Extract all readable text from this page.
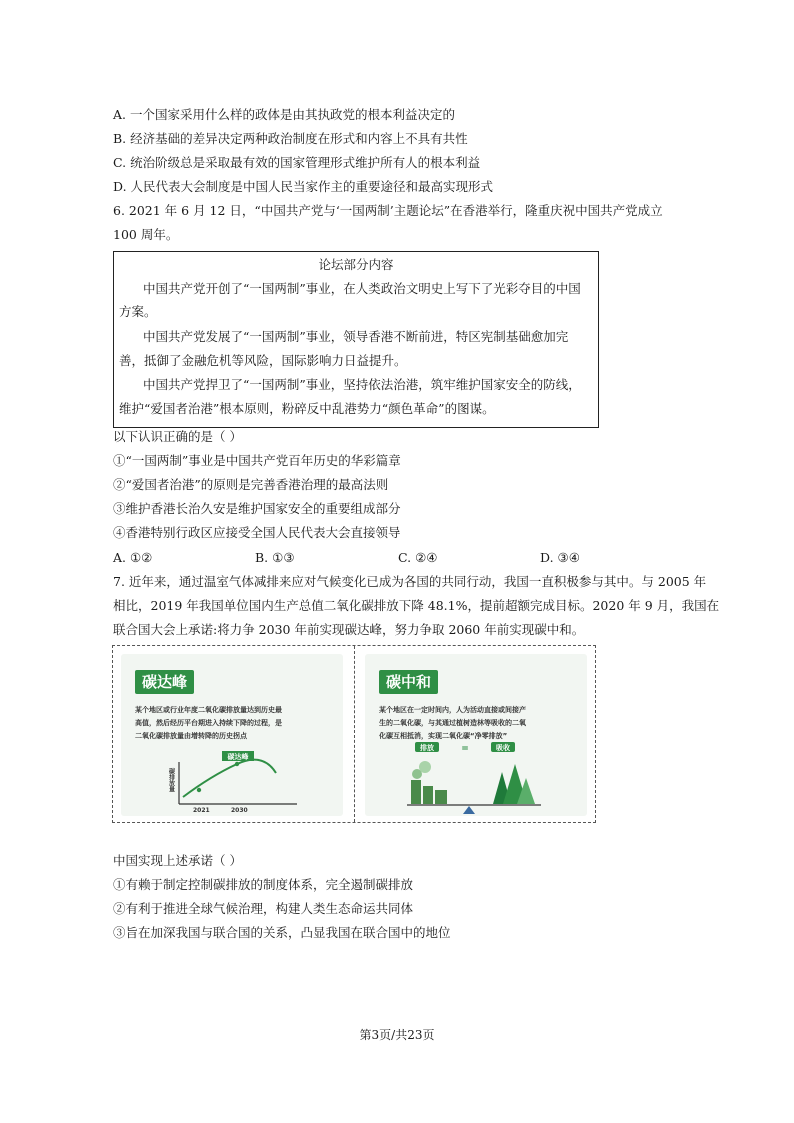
A. 一个国家采用什么样的政体是由其执政党的根本利益决定的
B. 经济基础的差异决定两种政治制度在形式和内容上不具有共性
C. 统治阶级总是采取最有效的国家管理形式维护所有人的根本利益
D. 人民代表大会制度是中国人民当家作主的重要途径和最高实现形式
6. 2021 年 6 月 12 日，“中国共产党与‘一国两制’主题论坛”在香港举行，隆重庆祝中国共产党成立
100 周年。
论坛部分内容
中国共产党开创了“一国两制”事业，在人类政治文明史上写下了光彩夺目的中国
方案。
中国共产党发展了“一国两制”事业，领导香港不断前进，特区宪制基础愈加完
善，抵御了金融危机等风险，国际影响力日益提升。
中国共产党捍卫了“一国两制”事业，坚持依法治港，筑牢维护国家安全的防线，
维护“爱国者治港”根本原则，粉碎反中乱港势力“颜色革命”的图谋。
以下认识正确的是（ ）
①“一国两制”事业是中国共产党百年历史的华彩篇章
②“爱国者治港”的原则是完善香港治理的最高法则
③维护香港长治久安是维护国家安全的重要组成部分
④香港特别行政区应接受全国人民代表大会直接领导
A. ①②	B. ①③	C. ②④	D. ③④
7. 近年来，通过温室气体减排来应对气候变化已成为各国的共同行动，我国一直积极参与其中。与 2005 年
相比，2019 年我国单位国内生产总值二氧化碳排放下降 48.1%，提前超额完成目标。2020 年 9 月，我国在
联合国大会上承诺:将力争 2030 年前实现碳达峰，努力争取 2060 年前实现碳中和。
碳达峰
某个地区或行业年度二氧化碳排放量达到历史最
高值，然后经历平台期进入持续下降的过程，是
二氧化碳排放量由增转降的历史拐点
碳达峰
碳排放量
2021	2030
碳中和
某个地区在一定时间内，人为活动直接或间接产
生的二氧化碳，与其通过植树造林等吸收的二氧
化碳互相抵消，实现二氧化碳“净零排放”
排放	=	吸收
中国实现上述承诺（ ）
①有赖于制定控制碳排放的制度体系，完全遏制碳排放
②有利于推进全球气候治理，构建人类生态命运共同体
③旨在加深我国与联合国的关系，凸显我国在联合国中的地位
第3页/共23页
